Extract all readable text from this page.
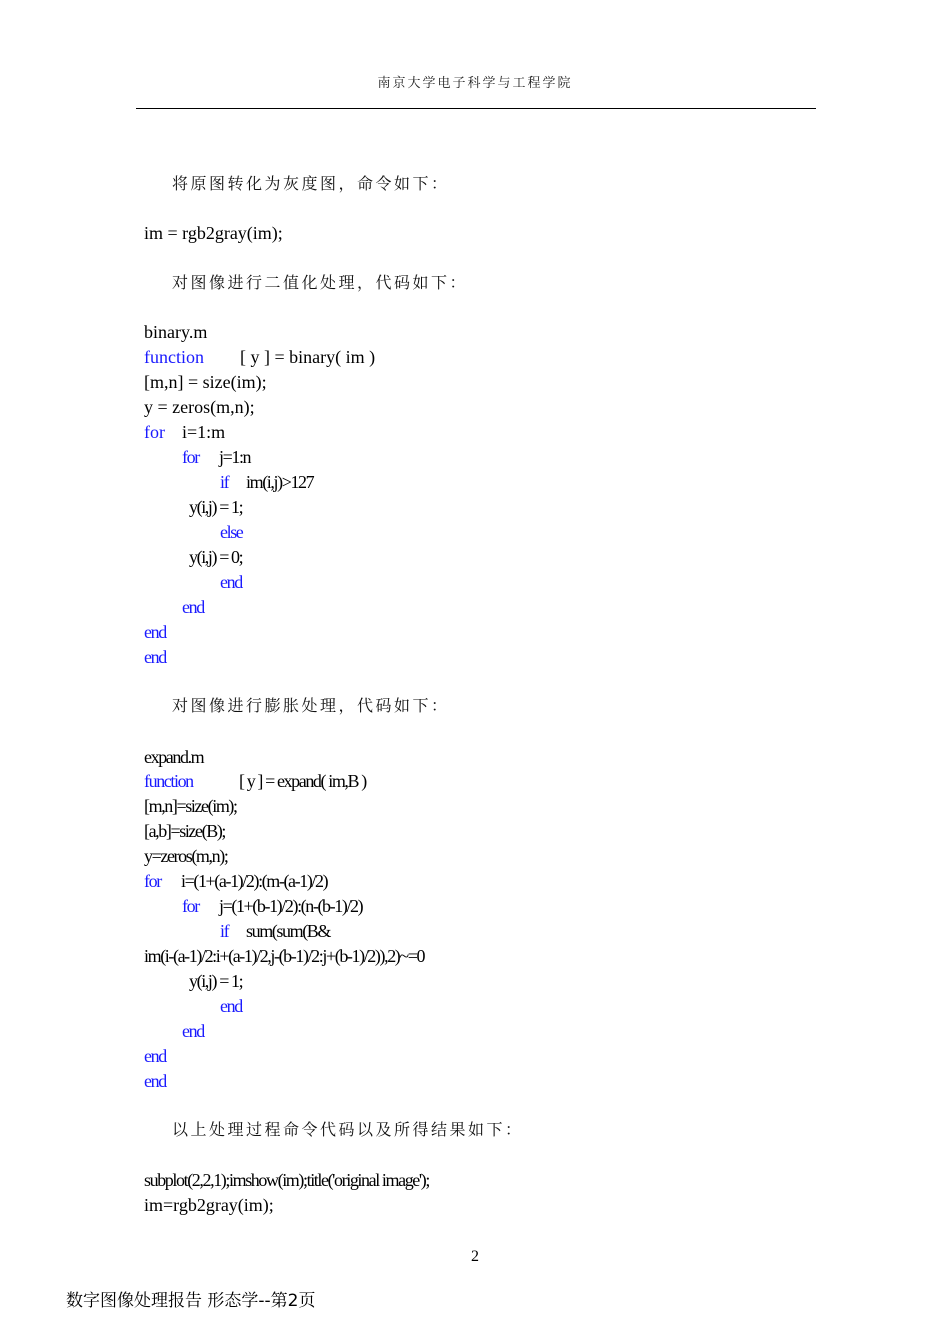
南京大学电子科学与工程学院
将原图转化为灰度图，命令如下：
im = rgb2gray(im);
对图像进行二值化处理，代码如下：
binary.m
function [ y ] = binary( im )
[m,n] = size(im);
y = zeros(m,n);
for i=1:m
for j=1:n
if im(i,j)>127
y(i,j) = 1;
else
y(i,j) = 0;
end
end
end
end
对图像进行膨胀处理，代码如下：
expand.m
function	[ y ] = expand( im,B )
[m,n]=size(im);
[a,b]=size(B);
y=zeros(m,n);
for i=(1+(a-1)/2):(m-(a-1)/2)
for j=(1+(b-1)/2):(n-(b-1)/2)
if sum(sum(B&
im(i-(a-1)/2:i+(a-1)/2,j-(b-1)/2:j+(b-1)/2)),2)~=0
y(i,j) = 1;
end
end
end
end
以上处理过程命令代码以及所得结果如下：
subplot(2,2,1);imshow(im);title('original image');
im=rgb2gray(im);
2
数字图像处理报告 形态学--第2页
